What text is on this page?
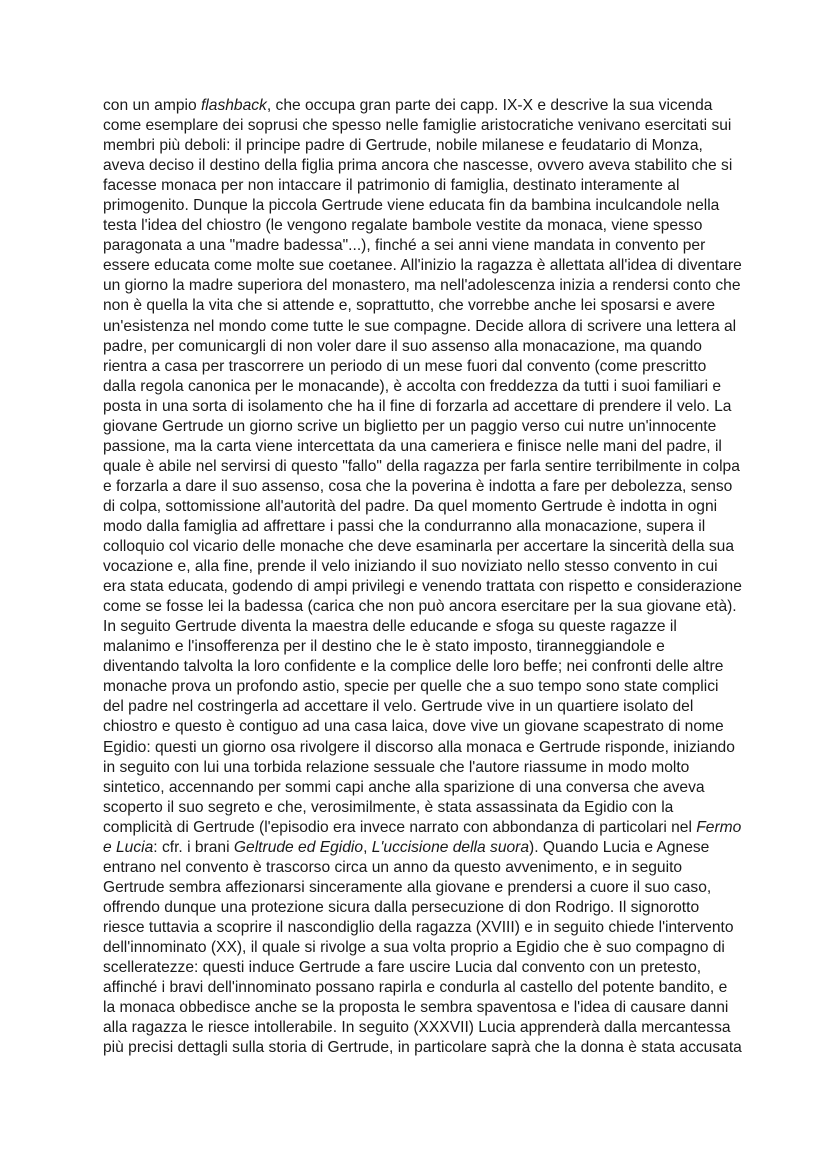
con un ampio flashback, che occupa gran parte dei capp. IX-X e descrive la sua vicenda
come esemplare dei soprusi che spesso nelle famiglie aristocratiche venivano esercitati sui
membri più deboli: il principe padre di Gertrude, nobile milanese e feudatario di Monza,
aveva deciso il destino della figlia prima ancora che nascesse, ovvero aveva stabilito che si
facesse monaca per non intaccare il patrimonio di famiglia, destinato interamente al
primogenito. Dunque la piccola Gertrude viene educata fin da bambina inculcandole nella
testa l'idea del chiostro (le vengono regalate bambole vestite da monaca, viene spesso
paragonata a una "madre badessa"...), finché a sei anni viene mandata in convento per
essere educata come molte sue coetanee. All'inizio la ragazza è allettata all'idea di diventare
un giorno la madre superiora del monastero, ma nell'adolescenza inizia a rendersi conto che
non è quella la vita che si attende e, soprattutto, che vorrebbe anche lei sposarsi e avere
un'esistenza nel mondo come tutte le sue compagne. Decide allora di scrivere una lettera al
padre, per comunicargli di non voler dare il suo assenso alla monacazione, ma quando
rientra a casa per trascorrere un periodo di un mese fuori dal convento (come prescritto
dalla regola canonica per le monacande), è accolta con freddezza da tutti i suoi familiari e
posta in una sorta di isolamento che ha il fine di forzarla ad accettare di prendere il velo. La
giovane Gertrude un giorno scrive un biglietto per un paggio verso cui nutre un'innocente
passione, ma la carta viene intercettata da una cameriera e finisce nelle mani del padre, il
quale è abile nel servirsi di questo "fallo" della ragazza per farla sentire terribilmente in colpa
e forzarla a dare il suo assenso, cosa che la poverina è indotta a fare per debolezza, senso
di colpa, sottomissione all'autorità del padre. Da quel momento Gertrude è indotta in ogni
modo dalla famiglia ad affrettare i passi che la condurranno alla monacazione, supera il
colloquio col vicario delle monache che deve esaminarla per accertare la sincerità della sua
vocazione e, alla fine, prende il velo iniziando il suo noviziato nello stesso convento in cui
era stata educata, godendo di ampi privilegi e venendo trattata con rispetto e considerazione
come se fosse lei la badessa (carica che non può ancora esercitare per la sua giovane età).
In seguito Gertrude diventa la maestra delle educande e sfoga su queste ragazze il
malanimo e l'insofferenza per il destino che le è stato imposto, tiranneggiandole e
diventando talvolta la loro confidente e la complice delle loro beffe; nei confronti delle altre
monache prova un profondo astio, specie per quelle che a suo tempo sono state complici
del padre nel costringerla ad accettare il velo. Gertrude vive in un quartiere isolato del
chiostro e questo è contiguo ad una casa laica, dove vive un giovane scapestrato di nome
Egidio: questi un giorno osa rivolgere il discorso alla monaca e Gertrude risponde, iniziando
in seguito con lui una torbida relazione sessuale che l'autore riassume in modo molto
sintetico, accennando per sommi capi anche alla sparizione di una conversa che aveva
scoperto il suo segreto e che, verosimilmente, è stata assassinata da Egidio con la
complicità di Gertrude (l'episodio era invece narrato con abbondanza di particolari nel Fermo
e Lucia: cfr. i brani Geltrude ed Egidio, L'uccisione della suora). Quando Lucia e Agnese
entrano nel convento è trascorso circa un anno da questo avvenimento, e in seguito
Gertrude sembra affezionarsi sinceramente alla giovane e prendersi a cuore il suo caso,
offrendo dunque una protezione sicura dalla persecuzione di don Rodrigo. Il signorotto
riesce tuttavia a scoprire il nascondiglio della ragazza (XVIII) e in seguito chiede l'intervento
dell'innominato (XX), il quale si rivolge a sua volta proprio a Egidio che è suo compagno di
scelleratezze: questi induce Gertrude a fare uscire Lucia dal convento con un pretesto,
affinché i bravi dell'innominato possano rapirla e condurla al castello del potente bandito, e
la monaca obbedisce anche se la proposta le sembra spaventosa e l'idea di causare danni
alla ragazza le riesce intollerabile. In seguito (XXXVII) Lucia apprenderà dalla mercantessa
più precisi dettagli sulla storia di Gertrude, in particolare saprà che la donna è stata accusata
